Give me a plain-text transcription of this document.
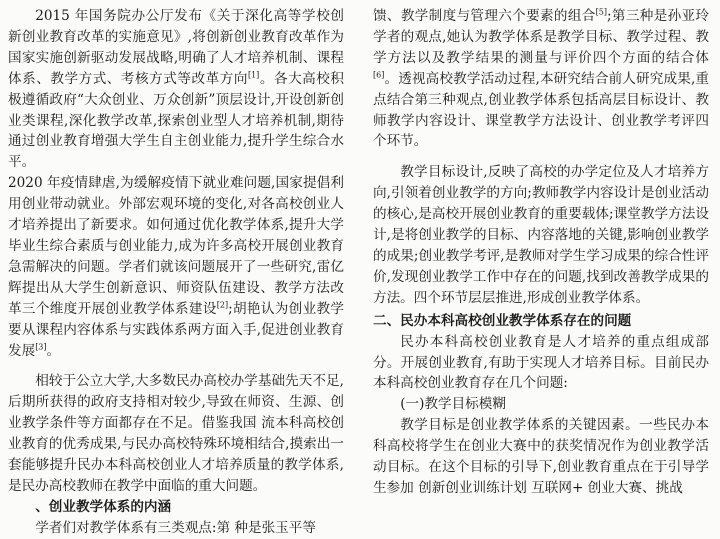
2015 年国务院办公厅发布《关于深化高等学校创新创业教育改革的实施意见》,将创新创业教育改革作为国家实施创新驱动发展战略,明确了人才培养机制、课程体系、教学方式、考核方式等改革方向[1]。各大高校积极遵循政府“大众创业、万众创新”顶层设计,开设创新创业类课程,深化教学改革,探索创业型人才培养机制,期待通过创业教育增强大学生自主创业能力,提升学生综合水平。

2020 年疫情肆虐,为缓解疫情下就业难问题,国家提倡利用创业带动就业。外部宏观环境的变化,对各高校创业人才培养提出了新要求。如何通过优化教学体系,提升大学毕业生综合素质与创业能力,成为许多高校开展创业教育急需解决的问题。学者们就该问题展开了一些研究,雷亿辉提出从大学生创新意识、师资队伍建设、教学方法改革三个维度开展创业教学体系建设[2];胡艳认为创业教学要从课程内容体系与实践体系两方面入手,促进创业教育发展[3]。

相较于公立大学,大多数民办高校办学基础先天不足,后期所获得的政府支持相对较少,导致在师资、生源、创业教学条件等方面都存在不足。借鉴我国 流本科高校创业教育的优秀成果,与民办高校特殊环境相结合,摸索出一套能够提升民办本科高校创业人才培养质量的教学体系,是民办高校教师在教学中面临的重大问题。

、创业教学体系的内涵

学者们对教学体系有三类观点:第 种是张玉平等

馈、教学制度与管理六个要素的组合[5];第三种是孙亚玲学者的观点,她认为教学体系是教学目标、教学过程、教学方法以及教学结果的测量与评价四个方面的结合体[6]。透视高校教学活动过程,本研究结合前人研究成果,重点结合第三种观点,创业教学体系包括高层目标设计、教师教学内容设计、课堂教学方法设计、创业教学考评四个环节。

教学目标设计,反映了高校的办学定位及人才培养方向,引领着创业教学的方向;教师教学内容设计是创业活动的核心,是高校开展创业教育的重要载体;课堂教学方法设计,是将创业教学的目标、内容落地的关键,影响创业教学的成果;创业教学考评,是教师对学生学习成果的综合性评价,发现创业教学工作中存在的问题,找到改善教学成果的方法。四个环节层层推进,形成创业教学体系。

二、民办本科高校创业教学体系存在的问题

民办本科高校创业教育是人才培养的重点组成部分。开展创业教育,有助于实现人才培养目标。目前民办本科高校创业教育存在几个问题:

(一)教学目标模糊

教学目标是创业教学体系的关键因素。一些民办本科高校将学生在创业大赛中的获奖情况作为创业教学活动目标。在这个目标的引导下,创业教育重点在于引导学生参加 创新创业训练计划 互联网+ 创业大赛、挑战
